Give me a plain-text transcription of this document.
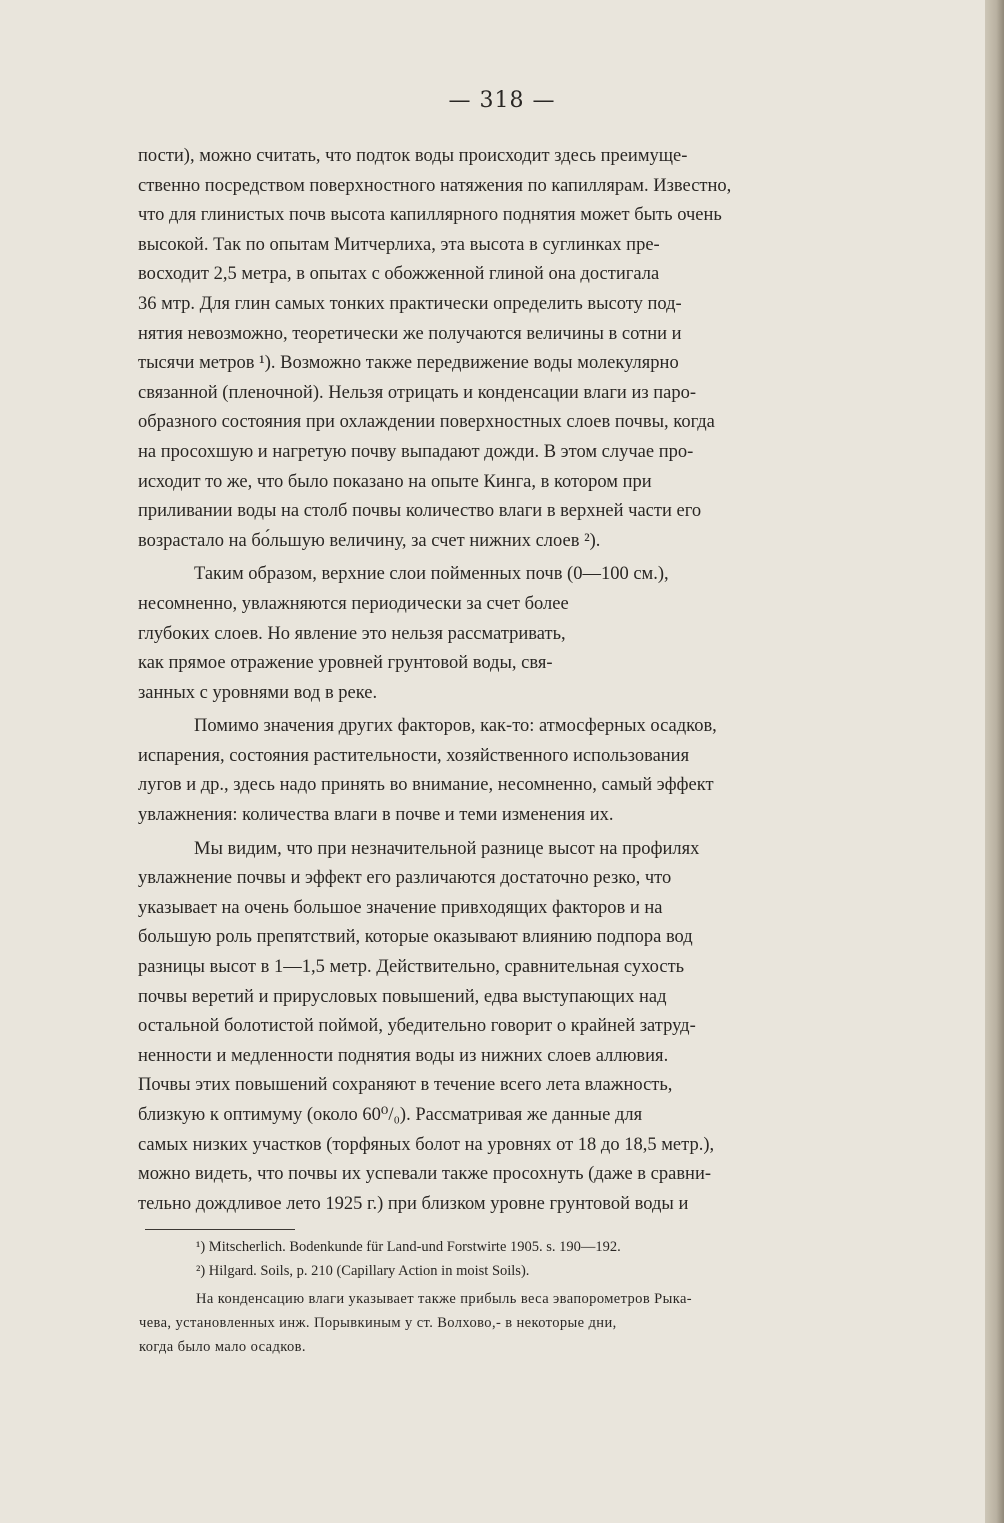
— 318 —

пости), можно считать, что подток воды происходит здесь преимуще-

ственно посредством поверхностного натяжения по капиллярам. Известно,

что для глинистых почв высота капиллярного поднятия может быть очень

высокой. Так по опытам Митчерлиха, эта высота в суглинках пре-

восходит 2,5 метра, в опытах с обожженной глиной она достигала

36 мтр. Для глин самых тонких практически определить высоту под-

нятия невозможно, теоретически же получаются величины в сотни и

тысячи метров ¹). Возможно также передвижение воды молекулярно

связанной (пленочной). Нельзя отрицать и конденсации влаги из паро-

образного состояния при охлаждении поверхностных слоев почвы, когда

на просохшую и нагретую почву выпадают дожди. В этом случае про-

исходит то же, что было показано на опыте Кинга, в котором при

приливании воды на столб почвы количество влаги в верхней части его

возрастало на бо́льшую величину, за счет нижних слоев ²).

Таким образом, верхние слои пойменных почв (0—100 см.),

несомненно, увлажняются периодически за счет более

глубоких слоев. Но явление это нельзя рассматривать,

как прямое отражение уровней грунтовой воды, свя-

занных с уровнями вод в реке.

Помимо значения других факторов, как-то: атмосферных осадков,

испарения, состояния растительности, хозяйственного использования

лугов и др., здесь надо принять во внимание, несомненно, самый эффект

увлажнения: количества влаги в почве и теми изменения их.

Мы видим, что при незначительной разнице высот на профилях

увлажнение почвы и эффект его различаются достаточно резко, что

указывает на очень большое значение привходящих факторов и на

большую роль препятствий, которые оказывают влиянию подпора вод

разницы высот в 1—1,5 метр. Действительно, сравнительная сухость

почвы веретий и прирусловых повышений, едва выступающих над

остальной болотистой поймой, убедительно говорит о крайней затруд-

ненности и медленности поднятия воды из нижних слоев аллювия.

Почвы этих повышений сохраняют в течение всего лета влажность,

близкую к оптимуму (около 60⁰/₀). Рассматривая же данные для

самых низких участков (торфяных болот на уровнях от 18 до 18,5 метр.),

можно видеть, что почвы их успевали также просохнуть (даже в сравни-

тельно дождливое лето 1925 г.) при близком уровне грунтовой воды и

¹) Mitscherlich. Bodenkunde für Land-und Forstwirte 1905. s. 190—192.

²) Hilgard. Soils, p. 210 (Capillary Action in moist Soils).

На конденсацию влаги указывает также прибыль веса эвапорометров Рыка-

чева, установленных инж. Порывкиным у ст. Волхово,- в некоторые дни,

когда было мало осадков.
